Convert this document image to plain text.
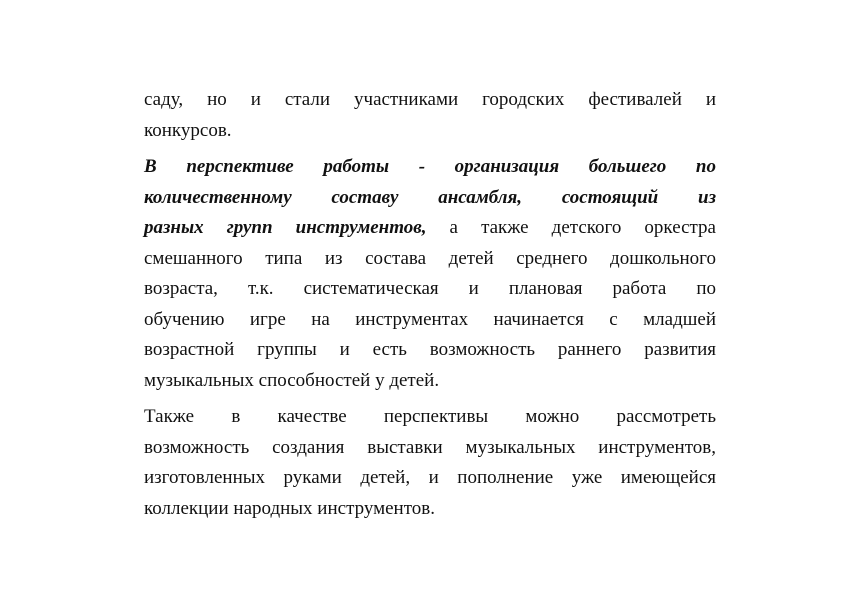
саду, но и стали участниками городских фестивалей и
конкурсов.
В перспективе работы - организация большего по
количественному составу ансамбля, состоящий из
разных групп инструментов, а также детского оркестра
смешанного типа из состава детей среднего дошкольного
возраста, т.к. систематическая и плановая работа по
обучению игре на инструментах начинается с младшей
возрастной группы и есть возможность раннего развития
музыкальных способностей у детей.
Также в качестве перспективы можно рассмотреть
возможность создания выставки музыкальных инструментов,
изготовленных руками детей, и пополнение уже имеющейся
коллекции народных инструментов.
